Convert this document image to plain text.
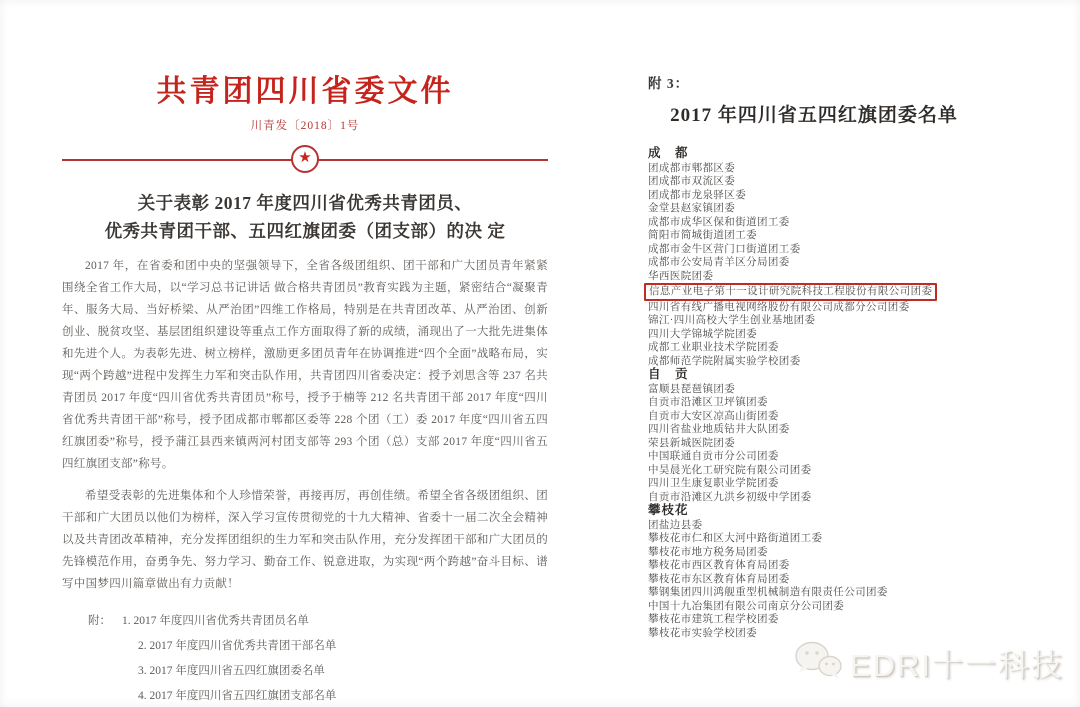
共青团四川省委文件
川青发〔2018〕1号
★
关于表彰 2017 年度四川省优秀共青团员、
优秀共青团干部、五四红旗团委（团支部）的决 定

2017 年，在省委和团中央的坚强领导下，全省各级团组织、团干部和广大团员青年紧紧围绕全省工作大局，以“学习总书记讲话 做合格共青团员”教育实践为主题，紧密结合“凝聚青年、服务大局、当好桥梁、从严治团”四维工作格局，特别是在共青团改革、从严治团、创新创业、脱贫攻坚、基层团组织建设等重点工作方面取得了新的成绩，涌现出了一大批先进集体和先进个人。为表彰先进、树立榜样，激励更多团员青年在协调推进“四个全面”战略布局，实现“两个跨越”进程中发挥生力军和突击队作用，共青团四川省委决定：授予刘思含等 237 名共青团员 2017 年度“四川省优秀共青团员”称号，授予于楠等 212 名共青团干部 2017 年度“四川省优秀共青团干部”称号，授予团成都市郫都区委等 228 个团（工）委 2017 年度“四川省五四红旗团委”称号，授予蒲江县西来镇两河村团支部等 293 个团（总）支部 2017 年度“四川省五四红旗团支部”称号。

希望受表彰的先进集体和个人珍惜荣誉，再接再厉，再创佳绩。希望全省各级团组织、团干部和广大团员以他们为榜样，深入学习宣传贯彻党的十九大精神、省委十一届二次全会精神以及共青团改革精神，充分发挥团组织的生力军和突击队作用，充分发挥团干部和广大团员的先锋模范作用，奋勇争先、努力学习、勤奋工作、锐意进取，为实现“两个跨越”奋斗目标、谱写中国梦四川篇章做出有力贡献！

附： 1. 2017 年度四川省优秀共青团员名单
2. 2017 年度四川省优秀共青团干部名单
3. 2017 年度四川省五四红旗团委名单
4. 2017 年度四川省五四红旗团支部名单
附 3：
2017 年四川省五四红旗团委名单
成　都
团成都市郫都区委
团成都市双流区委
团成都市龙泉驿区委
金堂县赵家镇团委
成都市成华区保和街道团工委
简阳市简城街道团工委
成都市金牛区营门口街道团工委
成都市公安局青羊区分局团委
华西医院团委
信息产业电子第十一设计研究院科技工程股份有限公司团委
四川省有线广播电视网络股份有限公司成都分公司团委
锦江·四川高校大学生创业基地团委
四川大学锦城学院团委
成都工业职业技术学院团委
成都师范学院附属实验学校团委
自　贡
富顺县琵琶镇团委
自贡市沿滩区卫坪镇团委
自贡市大安区凉高山街团委
四川省盐业地质钻井大队团委
荣县新城医院团委
中国联通自贡市分公司团委
中昊晨光化工研究院有限公司团委
四川卫生康复职业学院团委
自贡市沿滩区九洪乡初级中学团委
攀枝花
团盐边县委
攀枝花市仁和区大河中路街道团工委
攀枝花市地方税务局团委
攀枝花市西区教育体育局团委
攀枝花市东区教育体育局团委
攀钢集团四川鸿舰重型机械制造有限责任公司团委
中国十九冶集团有限公司南京分公司团委
攀枝花市建筑工程学校团委
攀枝花市实验学校团委
EDRI十一科技
